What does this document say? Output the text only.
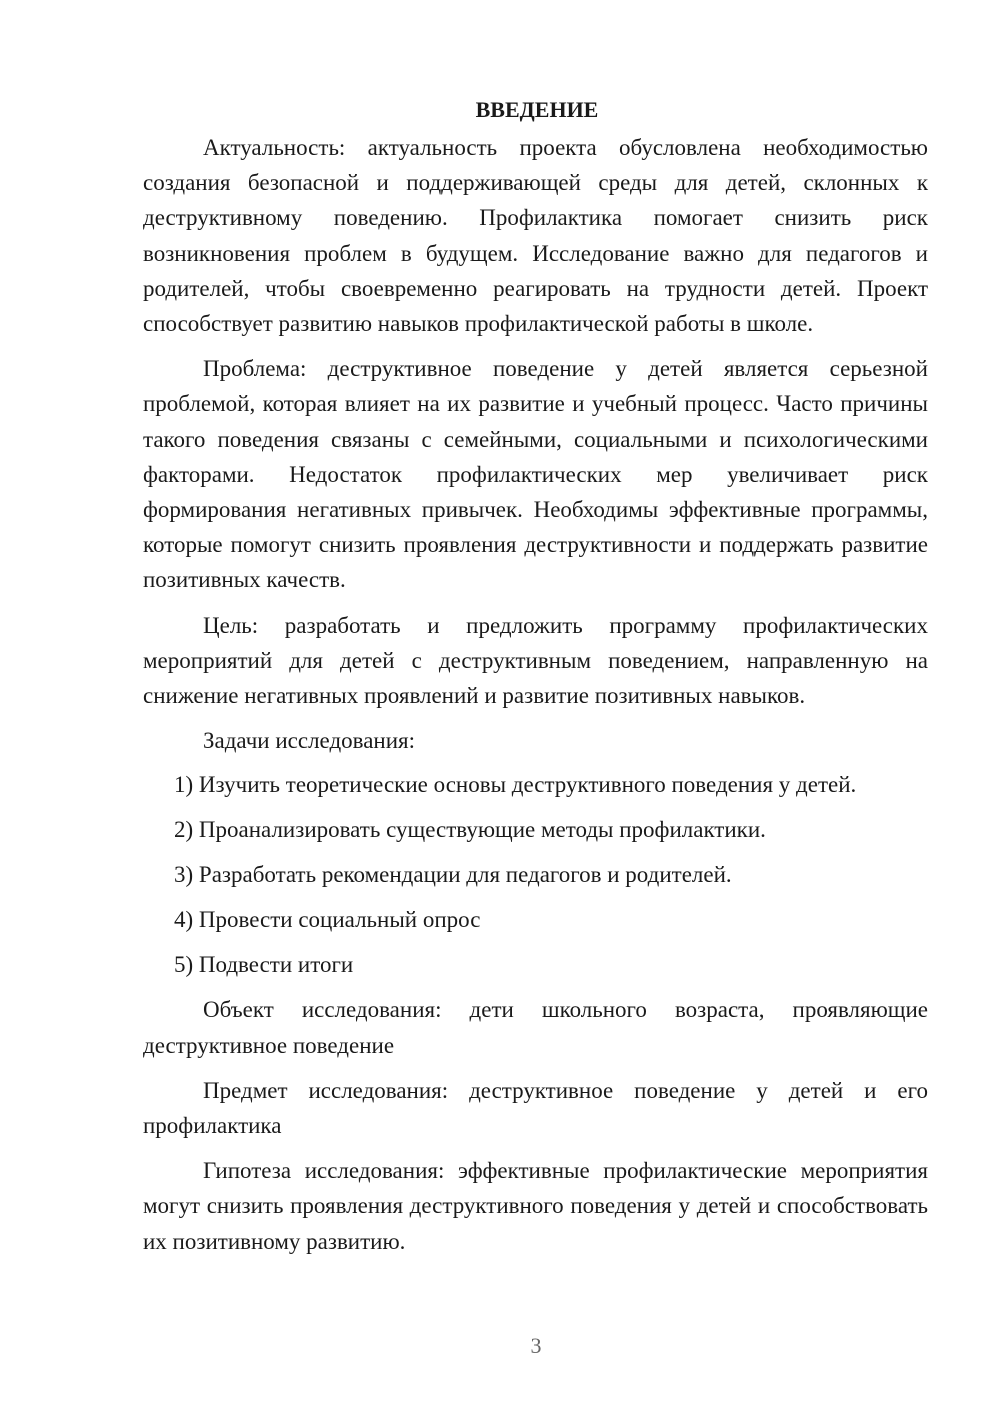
ВВЕДЕНИЕ

Актуальность: актуальность проекта обусловлена необходимостью создания безопасной и поддерживающей среды для детей, склонных к деструктивному поведению. Профилактика помогает снизить риск возникновения проблем в будущем. Исследование важно для педагогов и родителей, чтобы своевременно реагировать на трудности детей. Проект способствует развитию навыков профилактической работы в школе.

Проблема: деструктивное поведение у детей является серьезной проблемой, которая влияет на их развитие и учебный процесс. Часто причины такого поведения связаны с семейными, социальными и психологическими факторами. Недостаток профилактических мер увеличивает риск формирования негативных привычек. Необходимы эффективные программы, которые помогут снизить проявления деструктивности и поддержать развитие позитивных качеств.

Цель: разработать и предложить программу профилактических мероприятий для детей с деструктивным поведением, направленную на снижение негативных проявлений и развитие позитивных навыков.

Задачи исследования:

1) Изучить теоретические основы деструктивного поведения у детей.
2) Проанализировать существующие методы профилактики.
3) Разработать рекомендации для педагогов и родителей.
4) Провести социальный опрос
5) Подвести итоги

Объект исследования: дети школьного возраста, проявляющие деструктивное поведение

Предмет исследования: деструктивное поведение у детей и его профилактика

Гипотеза исследования: эффективные профилактические мероприятия могут снизить проявления деструктивного поведения у детей и способствовать их позитивному развитию.

3
